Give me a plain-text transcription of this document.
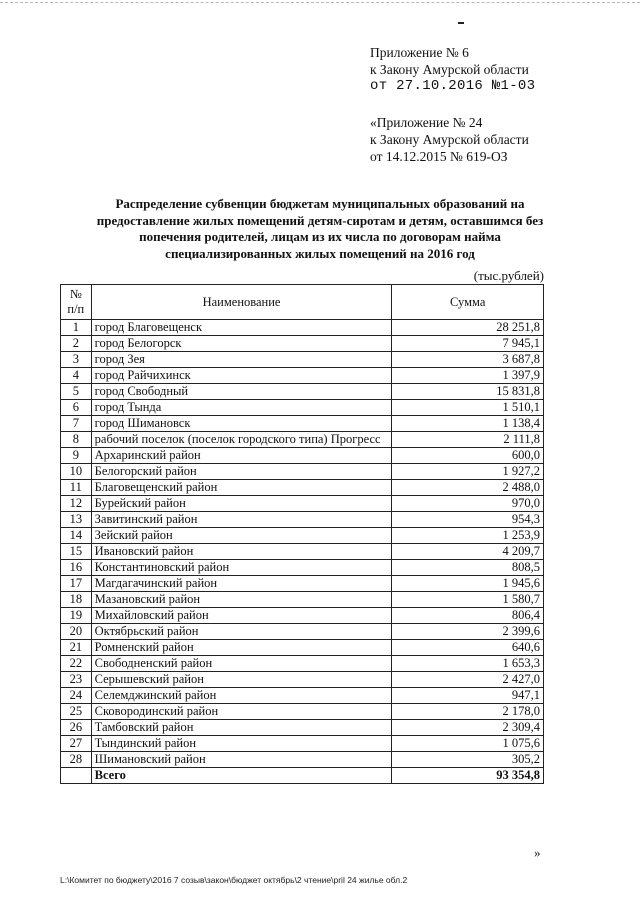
Приложение № 6
к Закону Амурской области
от 27.10.2016 №1-03
«Приложение № 24
к Закону Амурской области
от 14.12.2015 № 619-ОЗ
Распределение субвенции бюджетам муниципальных образований на
предоставление жилых помещений детям-сиротам и детям, оставшимся без
попечения родителей, лицам из их числа по договорам найма
специализированных жилых помещений на 2016 год
(тыс.рублей)
№
п/п	Наименование	Сумма
1	город Благовещенск	28 251,8
2	город Белогорск	7 945,1
3	город Зея	3 687,8
4	город Райчихинск	1 397,9
5	город Свободный	15 831,8
6	город Тында	1 510,1
7	город Шимановск	1 138,4
8	рабочий поселок (поселок городского типа) Прогресс	2 111,8
9	Архаринский район	600,0
10	Белогорский район	1 927,2
11	Благовещенский район	2 488,0
12	Бурейский район	970,0
13	Завитинский район	954,3
14	Зейский район	1 253,9
15	Ивановский район	4 209,7
16	Константиновский район	808,5
17	Магдагачинский район	1 945,6
18	Мазановский район	1 580,7
19	Михайловский район	806,4
20	Октябрьский район	2 399,6
21	Ромненский район	640,6
22	Свободненский район	1 653,3
23	Серышевский район	2 427,0
24	Селемджинский район	947,1
25	Сковородинский район	2 178,0
26	Тамбовский район	2 309,4
27	Тындинский район	1 075,6
28	Шимановский район	305,2
	Всего	93 354,8
»
L:\Комитет по бюджету\2016 7 созыв\закон\бюджет октябрь\2 чтение\pril 24 жилье обл.2
